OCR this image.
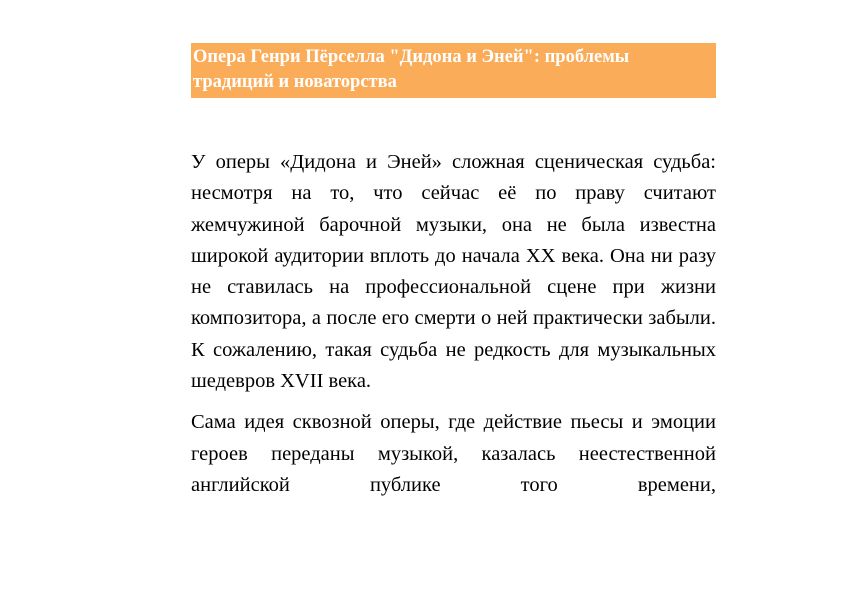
Опера Генри Пёрселла "Дидона и Эней": проблемы традиций и новаторства

У оперы «Дидона и Эней» сложная сценическая судьба: несмотря на то, что сейчас её по праву считают жемчужиной барочной музыки, она не была известна широкой аудитории вплоть до начала XX века. Она ни разу не ставилась на профессиональной сцене при жизни композитора, а после его смерти о ней практически забыли. К сожалению, такая судьба не редкость для музыкальных шедевров XVII века.

Сама идея сквозной оперы, где действие пьесы и эмоции героев переданы музыкой, казалась неестественной английской публике того времени,
